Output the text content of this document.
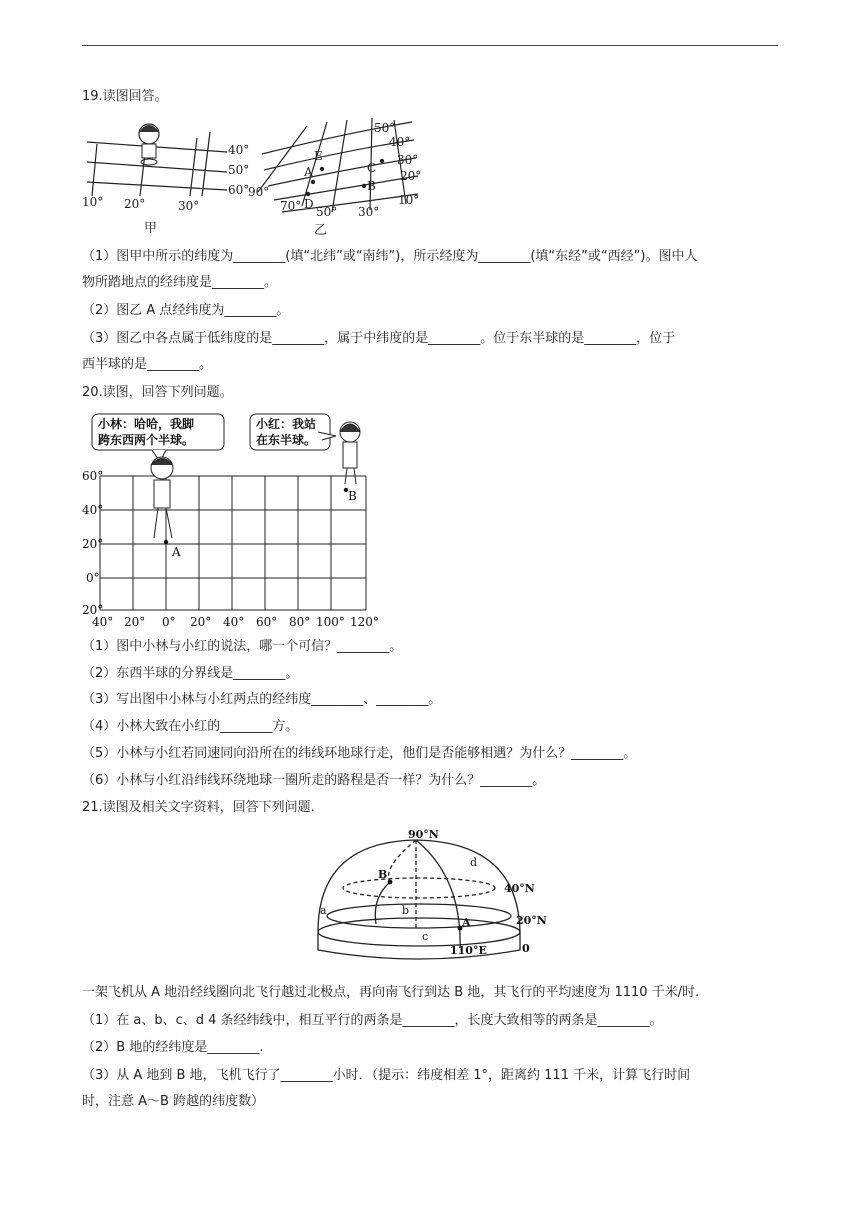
19.读图回答。
40°
50°
60°
10° 20°	30°
甲
E
A	C
B
D
50°
40°
30°
20°
10°
90°
70° 50° 30°
乙
（1）图甲中所示的纬度为________(填“北纬”或“南纬”)，所示经度为________(填“东经”或“西经”)。图中人
物所踏地点的经纬度是________。
（2）图乙 A 点经纬度为________。
（3）图乙中各点属于低纬度的是________，属于中纬度的是________。位于东半球的是________，位于
西半球的是________。
20.读图，回答下列问题。
小林：哈哈，我脚
跨东西两个半球。
小红：我站
在东半球。
A
B
60°
40°
20°
0°
20°
40° 20° 0° 20° 40° 60° 80° 100° 120°
（1）图中小林与小红的说法，哪一个可信？________。
（2）东西半球的分界线是________。
（3）写出图中小林与小红两点的经纬度________、________。
（4）小林大致在小红的________方。
（5）小林与小红若同速同向沿所在的纬线环地球行走，他们是否能够相遇？为什么？________。
（6）小林与小红沿纬线环绕地球一圈所走的路程是否一样？为什么？________。
21.读图及相关文字资料，回答下列问题.
90°N
40°N
20°N
0
110°E
a	b
c
d
A
B
一架飞机从 A 地沿经线圈向北飞行越过北极点，再向南飞行到达 B 地，其飞行的平均速度为 1110 千米/时.
（1）在 a、b、c、d 4 条经纬线中，相互平行的两条是________，长度大致相等的两条是________。
（2）B 地的经纬度是________.
（3）从 A 地到 B 地，飞机飞行了________小时．（提示：纬度相差 1°，距离约 111 千米，计算飞行时间
时，注意 A～B 跨越的纬度数）
